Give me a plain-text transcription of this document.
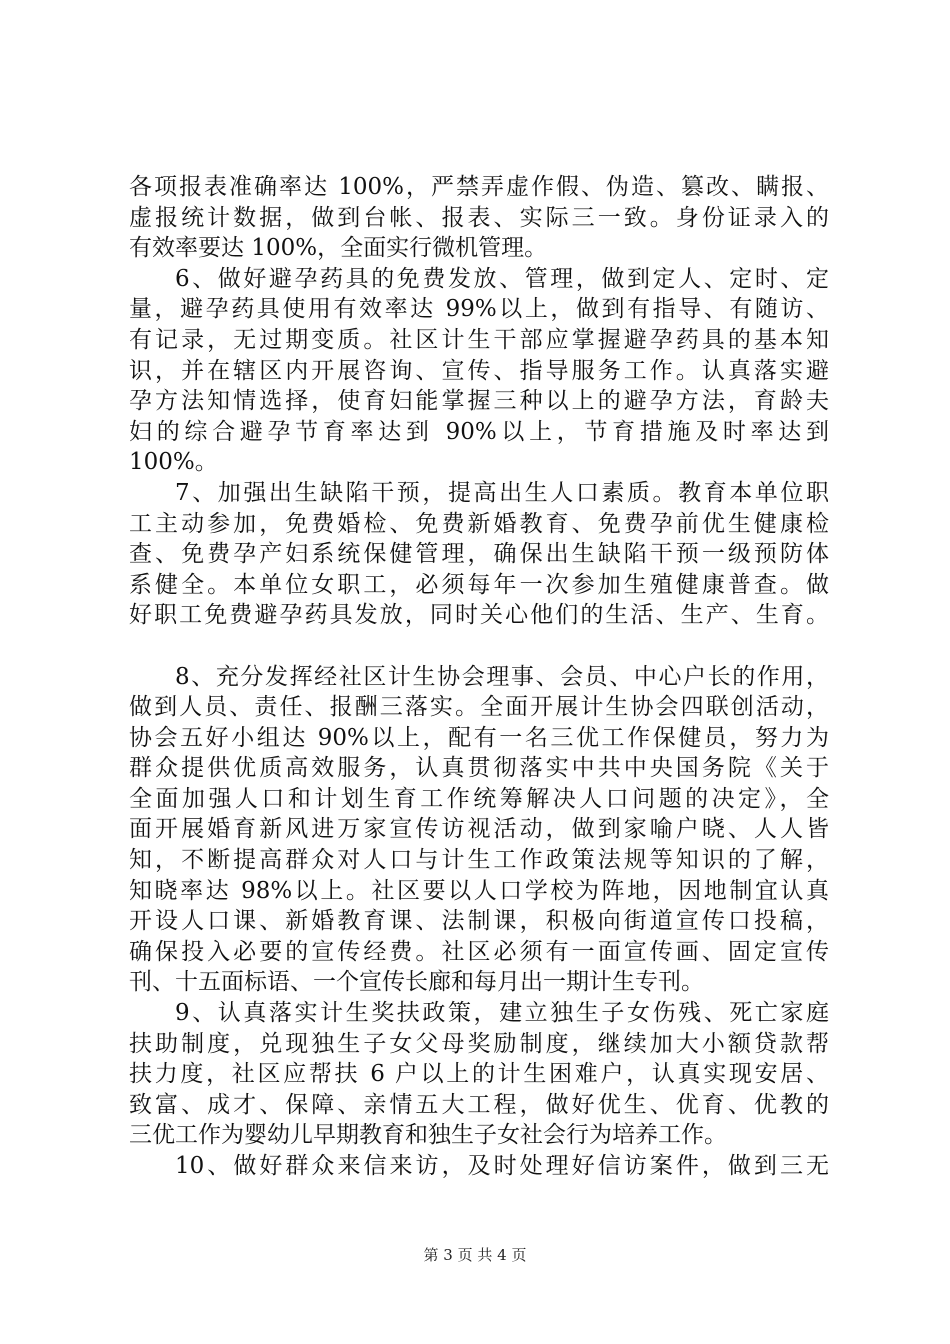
各项报表准确率达 100%，严禁弄虚作假、伪造、篡改、瞒报、
虚报统计数据，做到台帐、报表、实际三一致。身份证录入的
有效率要达 100%，全面实行微机管理。
6、做好避孕药具的免费发放、管理，做到定人、定时、定
量，避孕药具使用有效率达 99%以上，做到有指导、有随访、
有记录，无过期变质。社区计生干部应掌握避孕药具的基本知
识，并在辖区内开展咨询、宣传、指导服务工作。认真落实避
孕方法知情选择，使育妇能掌握三种以上的避孕方法，育龄夫
妇的综合避孕节育率达到 90%以上，节育措施及时率达到
100%。
7、加强出生缺陷干预，提高出生人口素质。教育本单位职
工主动参加，免费婚检、免费新婚教育、免费孕前优生健康检
查、免费孕产妇系统保健管理，确保出生缺陷干预一级预防体
系健全。本单位女职工，必须每年一次参加生殖健康普查。做
好职工免费避孕药具发放，同时关心他们的生活、生产、生育。
8、充分发挥经社区计生协会理事、会员、中心户长的作用，
做到人员、责任、报酬三落实。全面开展计生协会四联创活动，
协会五好小组达 90%以上，配有一名三优工作保健员，努力为
群众提供优质高效服务，认真贯彻落实中共中央国务院《关于
全面加强人口和计划生育工作统筹解决人口问题的决定》，全
面开展婚育新风进万家宣传访视活动，做到家喻户晓、人人皆
知，不断提高群众对人口与计生工作政策法规等知识的了解，
知晓率达 98%以上。社区要以人口学校为阵地，因地制宜认真
开设人口课、新婚教育课、法制课，积极向街道宣传口投稿，
确保投入必要的宣传经费。社区必须有一面宣传画、固定宣传
刊、十五面标语、一个宣传长廊和每月出一期计生专刊。
9、认真落实计生奖扶政策，建立独生子女伤残、死亡家庭
扶助制度，兑现独生子女父母奖励制度，继续加大小额贷款帮
扶力度，社区应帮扶 6 户以上的计生困难户，认真实现安居、
致富、成才、保障、亲情五大工程，做好优生、优育、优教的
三优工作为婴幼儿早期教育和独生子女社会行为培养工作。
10、做好群众来信来访，及时处理好信访案件，做到三无
第 3 页 共 4 页
